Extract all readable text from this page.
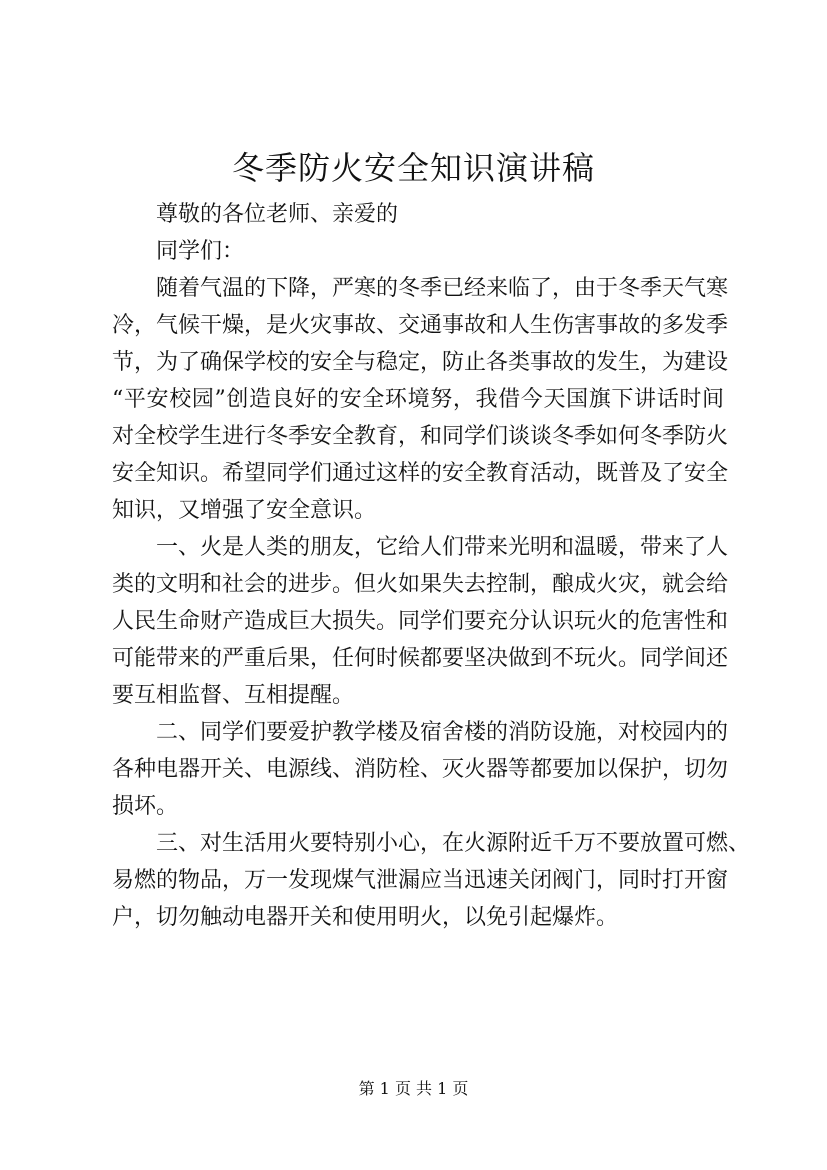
冬季防火安全知识演讲稿

尊敬的各位老师、亲爱的

同学们：

随着气温的下降，严寒的冬季已经来临了，由于冬季天气寒

冷，气候干燥，是火灾事故、交通事故和人生伤害事故的多发季

节，为了确保学校的安全与稳定，防止各类事故的发生，为建设

“平安校园”创造良好的安全环境努，我借今天国旗下讲话时间

对全校学生进行冬季安全教育，和同学们谈谈冬季如何冬季防火

安全知识。希望同学们通过这样的安全教育活动，既普及了安全

知识，又增强了安全意识。

一、火是人类的朋友，它给人们带来光明和温暖，带来了人

类的文明和社会的进步。但火如果失去控制，酿成火灾，就会给

人民生命财产造成巨大损失。同学们要充分认识玩火的危害性和

可能带来的严重后果，任何时候都要坚决做到不玩火。同学间还

要互相监督、互相提醒。

二、同学们要爱护教学楼及宿舍楼的消防设施，对校园内的

各种电器开关、电源线、消防栓、灭火器等都要加以保护，切勿

损坏。

三、对生活用火要特别小心，在火源附近千万不要放置可燃、

易燃的物品，万一发现煤气泄漏应当迅速关闭阀门，同时打开窗

户，切勿触动电器开关和使用明火，以免引起爆炸。

第 1 页 共 1 页
